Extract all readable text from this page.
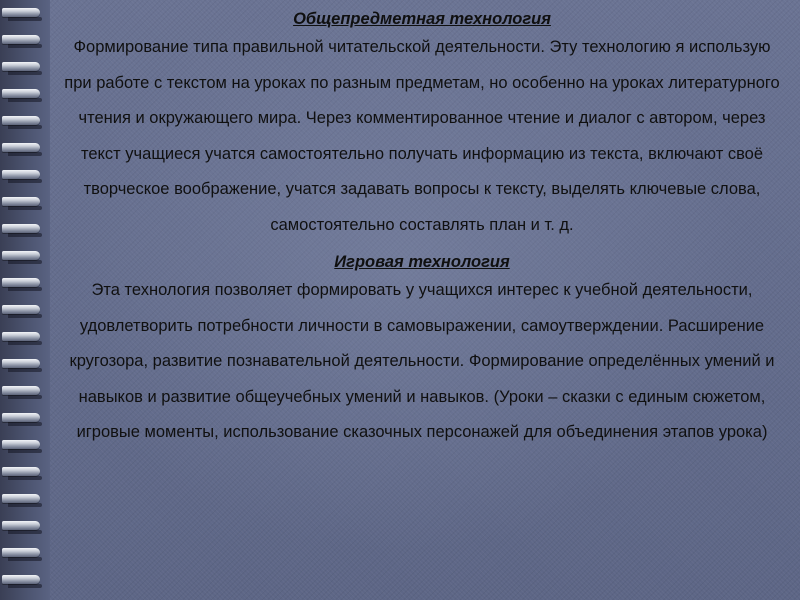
Общепредметная технология

Формирование типа правильной читательской деятельности. Эту технологию я использую при работе с текстом на уроках по разным предметам, но особенно на уроках литературного чтения и окружающего мира. Через комментированное чтение и диалог с автором, через текст учащиеся учатся самостоятельно получать информацию из текста, включают своё творческое воображение, учатся задавать вопросы к тексту, выделять ключевые слова, самостоятельно составлять план и т. д.

Игровая технология

Эта технология позволяет формировать у учащихся интерес к учебной деятельности, удовлетворить потребности личности в самовыражении, самоутверждении. Расширение кругозора, развитие познавательной деятельности. Формирование определённых умений и навыков и развитие общеучебных умений и навыков. (Уроки – сказки с единым сюжетом, игровые моменты, использование сказочных персонажей для объединения этапов урока)
